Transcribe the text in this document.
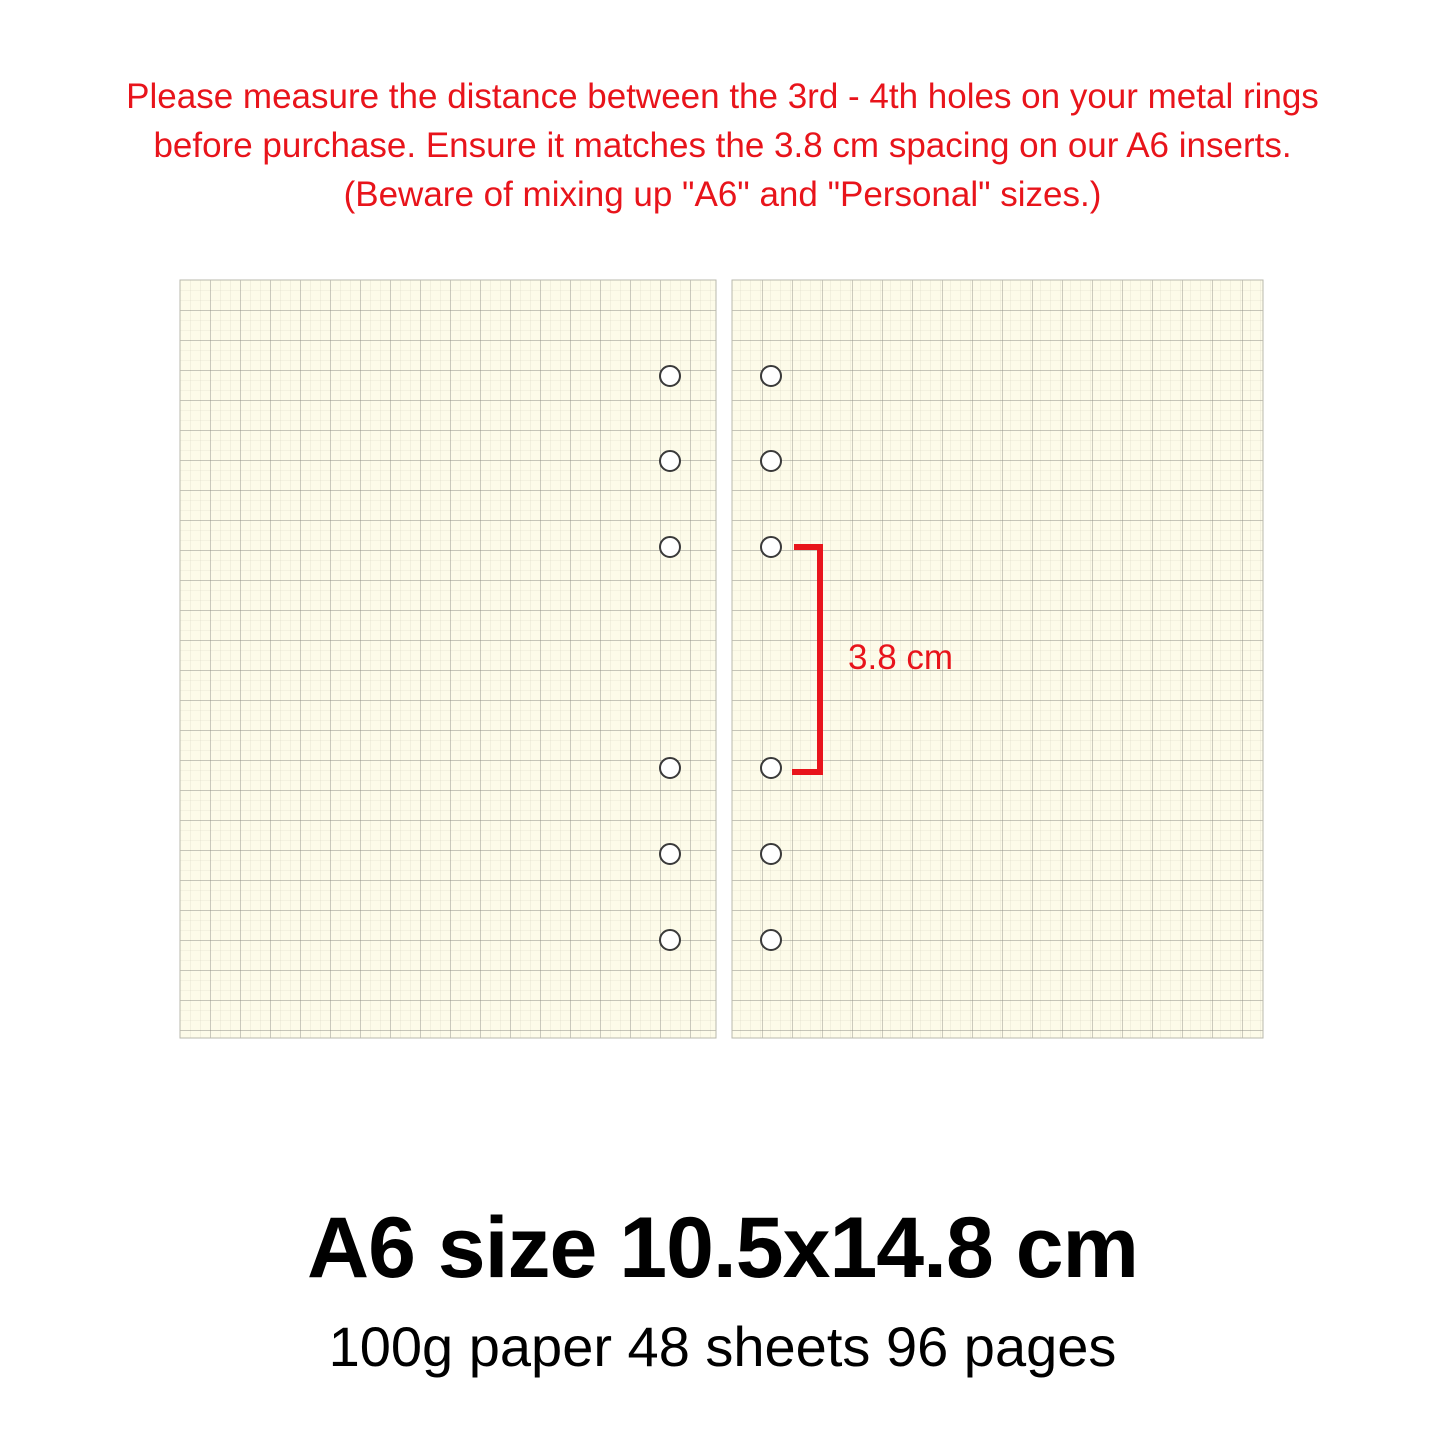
Please measure the distance between the 3rd - 4th holes on your metal rings
before purchase. Ensure it matches the 3.8 cm spacing on our A6 inserts.
(Beware of mixing up "A6" and "Personal" sizes.)
3.8 cm
A6 size 10.5x14.8 cm
100g paper 48 sheets 96 pages
